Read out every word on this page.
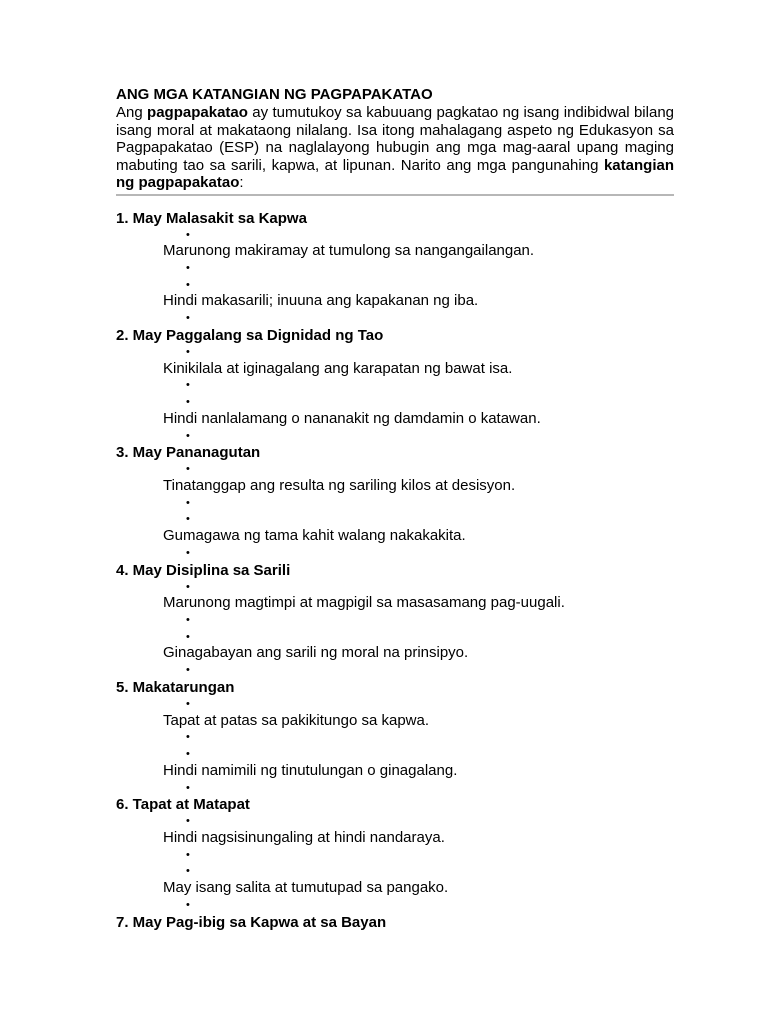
ANG MGA KATANGIAN NG PAGPAPAKATAO

Ang pagpapakatao ay tumutukoy sa kabuuang pagkatao ng isang indibidwal bilang isang moral at makataong nilalang. Isa itong mahalagang aspeto ng Edukasyon sa Pagpapakatao (ESP) na naglalayong hubugin ang mga mag-aaral upang maging mabuting tao sa sarili, kapwa, at lipunan. Narito ang mga pangunahing katangian ng pagpapakatao:

1. May Malasakit sa Kapwa
•
Marunong makiramay at tumulong sa nangangailangan.
•
•
Hindi makasarili; inuuna ang kapakanan ng iba.
•
2. May Paggalang sa Dignidad ng Tao
•
Kinikilala at iginagalang ang karapatan ng bawat isa.
•
•
Hindi nanlalamang o nananakit ng damdamin o katawan.
•
3. May Pananagutan
•
Tinatanggap ang resulta ng sariling kilos at desisyon.
•
•
Gumagawa ng tama kahit walang nakakakita.
•
4. May Disiplina sa Sarili
•
Marunong magtimpi at magpigil sa masasamang pag-uugali.
•
•
Ginagabayan ang sarili ng moral na prinsipyo.
•
5. Makatarungan
•
Tapat at patas sa pakikitungo sa kapwa.
•
•
Hindi namimili ng tinutulungan o ginagalang.
•
6. Tapat at Matapat
•
Hindi nagsisinungaling at hindi nandaraya.
•
•
May isang salita at tumutupad sa pangako.
•
7. May Pag-ibig sa Kapwa at sa Bayan
